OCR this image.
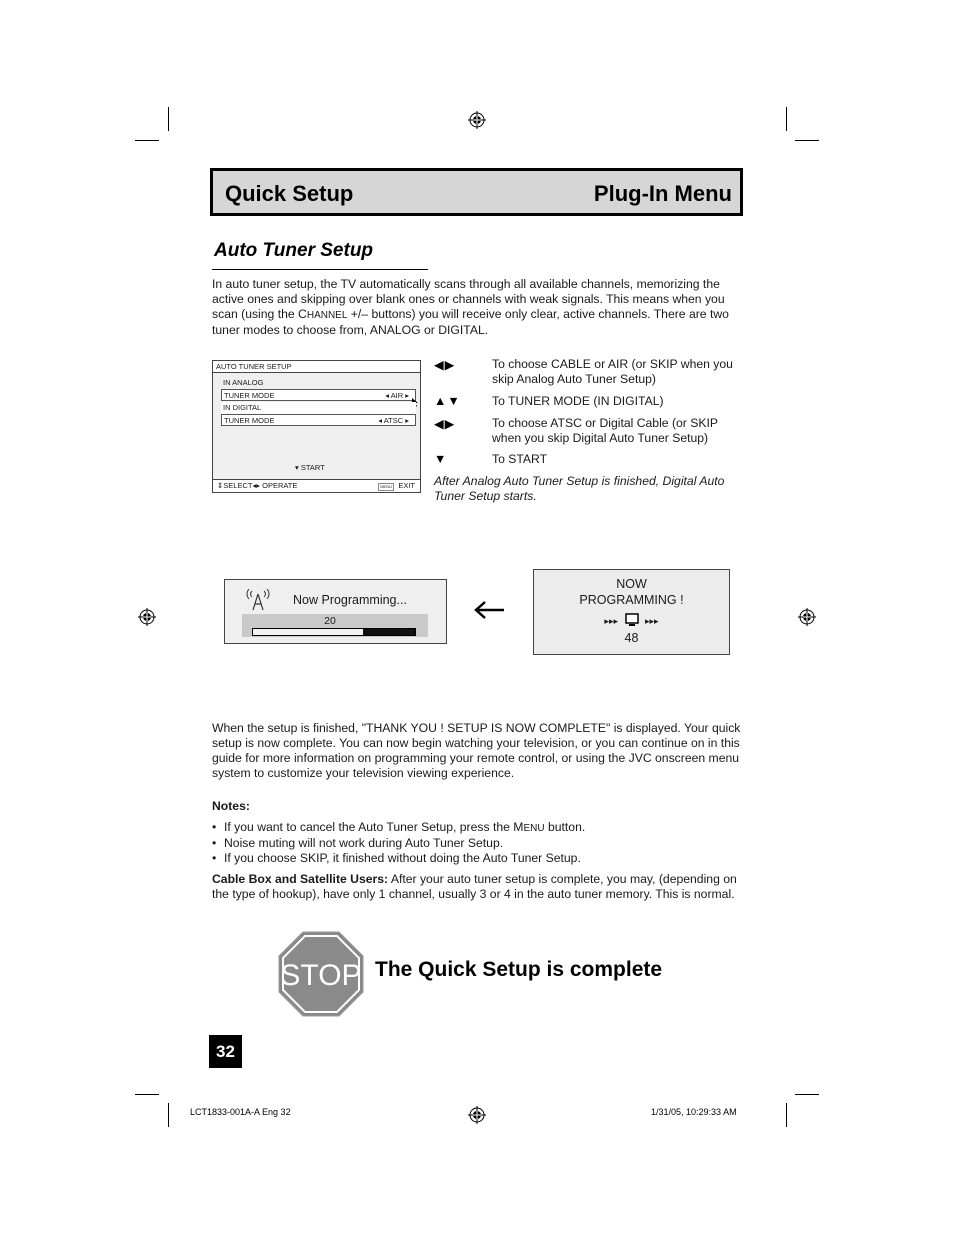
Quick Setup	Plug-In Menu
Auto Tuner Setup
In auto tuner setup, the TV automatically scans through all available channels, memorizing the active ones and skipping over blank ones or channels with weak signals. This means when you scan (using the CHANNEL +/– buttons) you will receive only clear, active channels. There are two tuner modes to choose from, ANALOG or DIGITAL.
AUTO TUNER SETUP
IN ANALOG
TUNER MODE	◂ AIR ▸
IN DIGITAL
TUNER MODE	◂ ATSC ▸
▾ START
⇕SELECT◂▸ OPERATE	MENU EXIT
◀▶	To choose CABLE or AIR (or SKIP when you skip Analog Auto Tuner Setup)
▲▼	To TUNER MODE (IN DIGITAL)
◀▶	To choose ATSC or Digital Cable (or SKIP when you skip Digital Auto Tuner Setup)
▼	To START
After Analog Auto Tuner Setup is finished, Digital Auto Tuner Setup starts.
Now Programming...
20
NOW
PROGRAMMING !
▸▸▸	▸▸▸
48
When the setup is finished, "THANK YOU ! SETUP IS NOW COMPLETE" is displayed. Your quick setup is now complete. You can now begin watching your television, or you can continue on in this guide for more information on programming your remote control, or using the JVC onscreen menu system to customize your television viewing experience.
Notes:
• If you want to cancel the Auto Tuner Setup, press the MENU button.
• Noise muting will not work during Auto Tuner Setup.
• If you choose SKIP, it finished without doing the Auto Tuner Setup.
Cable Box and Satellite Users: After your auto tuner setup is complete, you may, (depending on the type of hookup), have only 1 channel, usually 3 or 4 in the auto tuner memory. This is normal.
STOP The Quick Setup is complete
32
LCT1833-001A-A Eng 32	1/31/05, 10:29:33 AM
